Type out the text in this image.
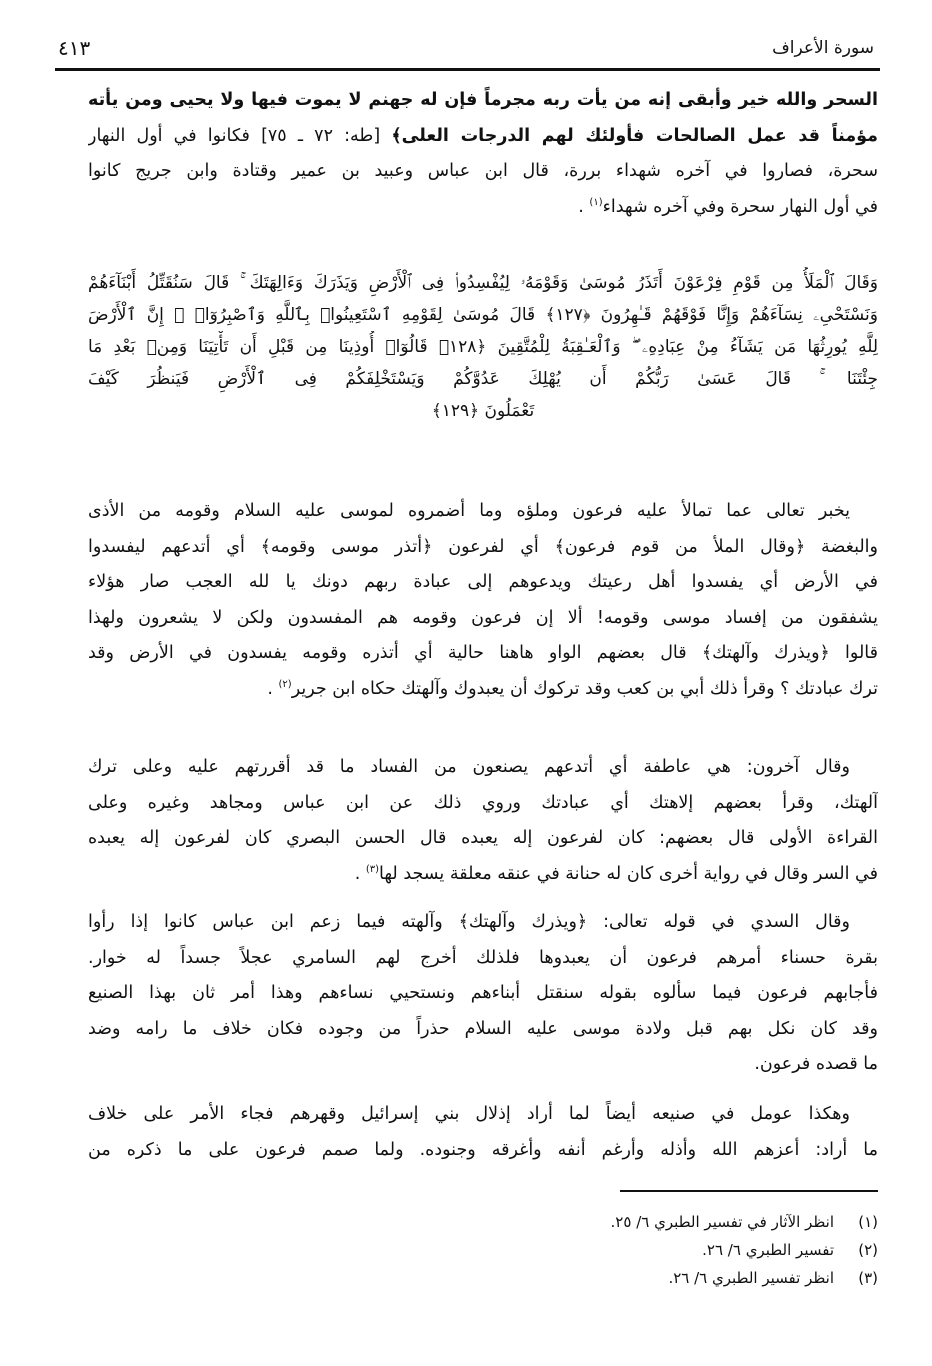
سورة الأعراف
٤١٣
السحر والله خير وأبقى إنه من يأت ربه مجرماً فإن له جهنم لا يموت فيها ولا يحيى ومن يأته
مؤمناً قد عمل الصالحات فأولئك لهم الدرجات العلى﴾ [طه: ٧٢ ـ ٧٥] فكانوا في أول النهار
سحرة، فصاروا في آخره شهداء بررة، قال ابن عباس وعبيد بن عمير وقتادة وابن جريج كانوا
في أول النهار سحرة وفي آخره شهداء$^{(١)}$ .
وَقَالَ ٱلْمَلَأُ مِن قَوْمِ فِرْعَوْنَ أَتَذَرُ مُوسَىٰ وَقَوْمَهُۥ لِيُفْسِدُوا۟ فِى ٱلْأَرْضِ وَيَذَرَكَ وَءَالِهَتَكَ ۚ قَالَ سَنُقَتِّلُ أَبْنَآءَهُمْ
وَنَسْتَحْىِۦ نِسَآءَهُمْ وَإِنَّا فَوْقَهُمْ قَـٰهِرُونَ ﴿١٢٧﴾ قَالَ مُوسَىٰ لِقَوْمِهِ ٱسْتَعِينُوا۟ بِٱللَّهِ وَٱصْبِرُوٓا۟ ۖ إِنَّ ٱلْأَرْضَ
لِلَّهِ يُورِثُهَا مَن يَشَآءُ مِنْ عِبَادِهِۦ ۖ وَٱلْعَـٰقِبَةُ لِلْمُتَّقِينَ ﴿١٢٨﴾ قَالُوٓا۟ أُوذِينَا مِن قَبْلِ أَن تَأْتِيَنَا وَمِنۢ بَعْدِ مَا
جِئْتَنَا ۚ قَالَ عَسَىٰ رَبُّكُمْ أَن يُهْلِكَ عَدُوَّكُمْ وَيَسْتَخْلِفَكُمْ فِى ٱلْأَرْضِ فَيَنظُرَ كَيْفَ
تَعْمَلُونَ ﴿١٢٩﴾
يخبر تعالى عما تمالأ عليه فرعون وملؤه وما أضمروه لموسى عليه السلام وقومه من الأذى
والبغضة ﴿وقال الملأ من قوم فرعون﴾ أي لفرعون ﴿أتذر موسى وقومه﴾ أي أتدعهم ليفسدوا
في الأرض أي يفسدوا أهل رعيتك ويدعوهم إلى عبادة ربهم دونك يا لله العجب صار هؤلاء
يشفقون من إفساد موسى وقومه! ألا إن فرعون وقومه هم المفسدون ولكن لا يشعرون ولهذا
قالوا ﴿ويذرك وآلهتك﴾ قال بعضهم الواو هاهنا حالية أي أتذره وقومه يفسدون في الأرض وقد
ترك عبادتك ؟ وقرأ ذلك أبي بن كعب وقد تركوك أن يعبدوك وآلهتك حكاه ابن جرير$^{(٢)}$ .
وقال آخرون: هي عاطفة أي أتدعهم يصنعون من الفساد ما قد أقررتهم عليه وعلى ترك
آلهتك، وقرأ بعضهم إلاهتك أي عبادتك وروي ذلك عن ابن عباس ومجاهد وغيره وعلى
القراءة الأولى قال بعضهم: كان لفرعون إله يعبده قال الحسن البصري كان لفرعون إله يعبده
في السر وقال في رواية أخرى كان له حنانة في عنقه معلقة يسجد لها$^{(٣)}$ .
وقال السدي في قوله تعالى: ﴿ويذرك وآلهتك﴾ وآلهته فيما زعم ابن عباس كانوا إذا رأوا
بقرة حسناء أمرهم فرعون أن يعبدوها فلذلك أخرج لهم السامري عجلاً جسداً له خوار.
فأجابهم فرعون فيما سألوه بقوله سنقتل أبناءهم ونستحيي نساءهم وهذا أمر ثان بهذا الصنيع
وقد كان نكل بهم قبل ولادة موسى عليه السلام حذراً من وجوده فكان خلاف ما رامه وضد
ما قصده فرعون.
وهكذا عومل في صنيعه أيضاً لما أراد إذلال بني إسرائيل وقهرهم فجاء الأمر على خلاف
ما أراد: أعزهم الله وأذله وأرغم أنفه وأغرقه وجنوده. ولما صمم فرعون على ما ذكره من
(١)انظر الآثار في تفسير الطبري ٦/ ٢٥.
(٢)تفسير الطبري ٦/ ٢٦.
(٣)انظر تفسير الطبري ٦/ ٢٦.
